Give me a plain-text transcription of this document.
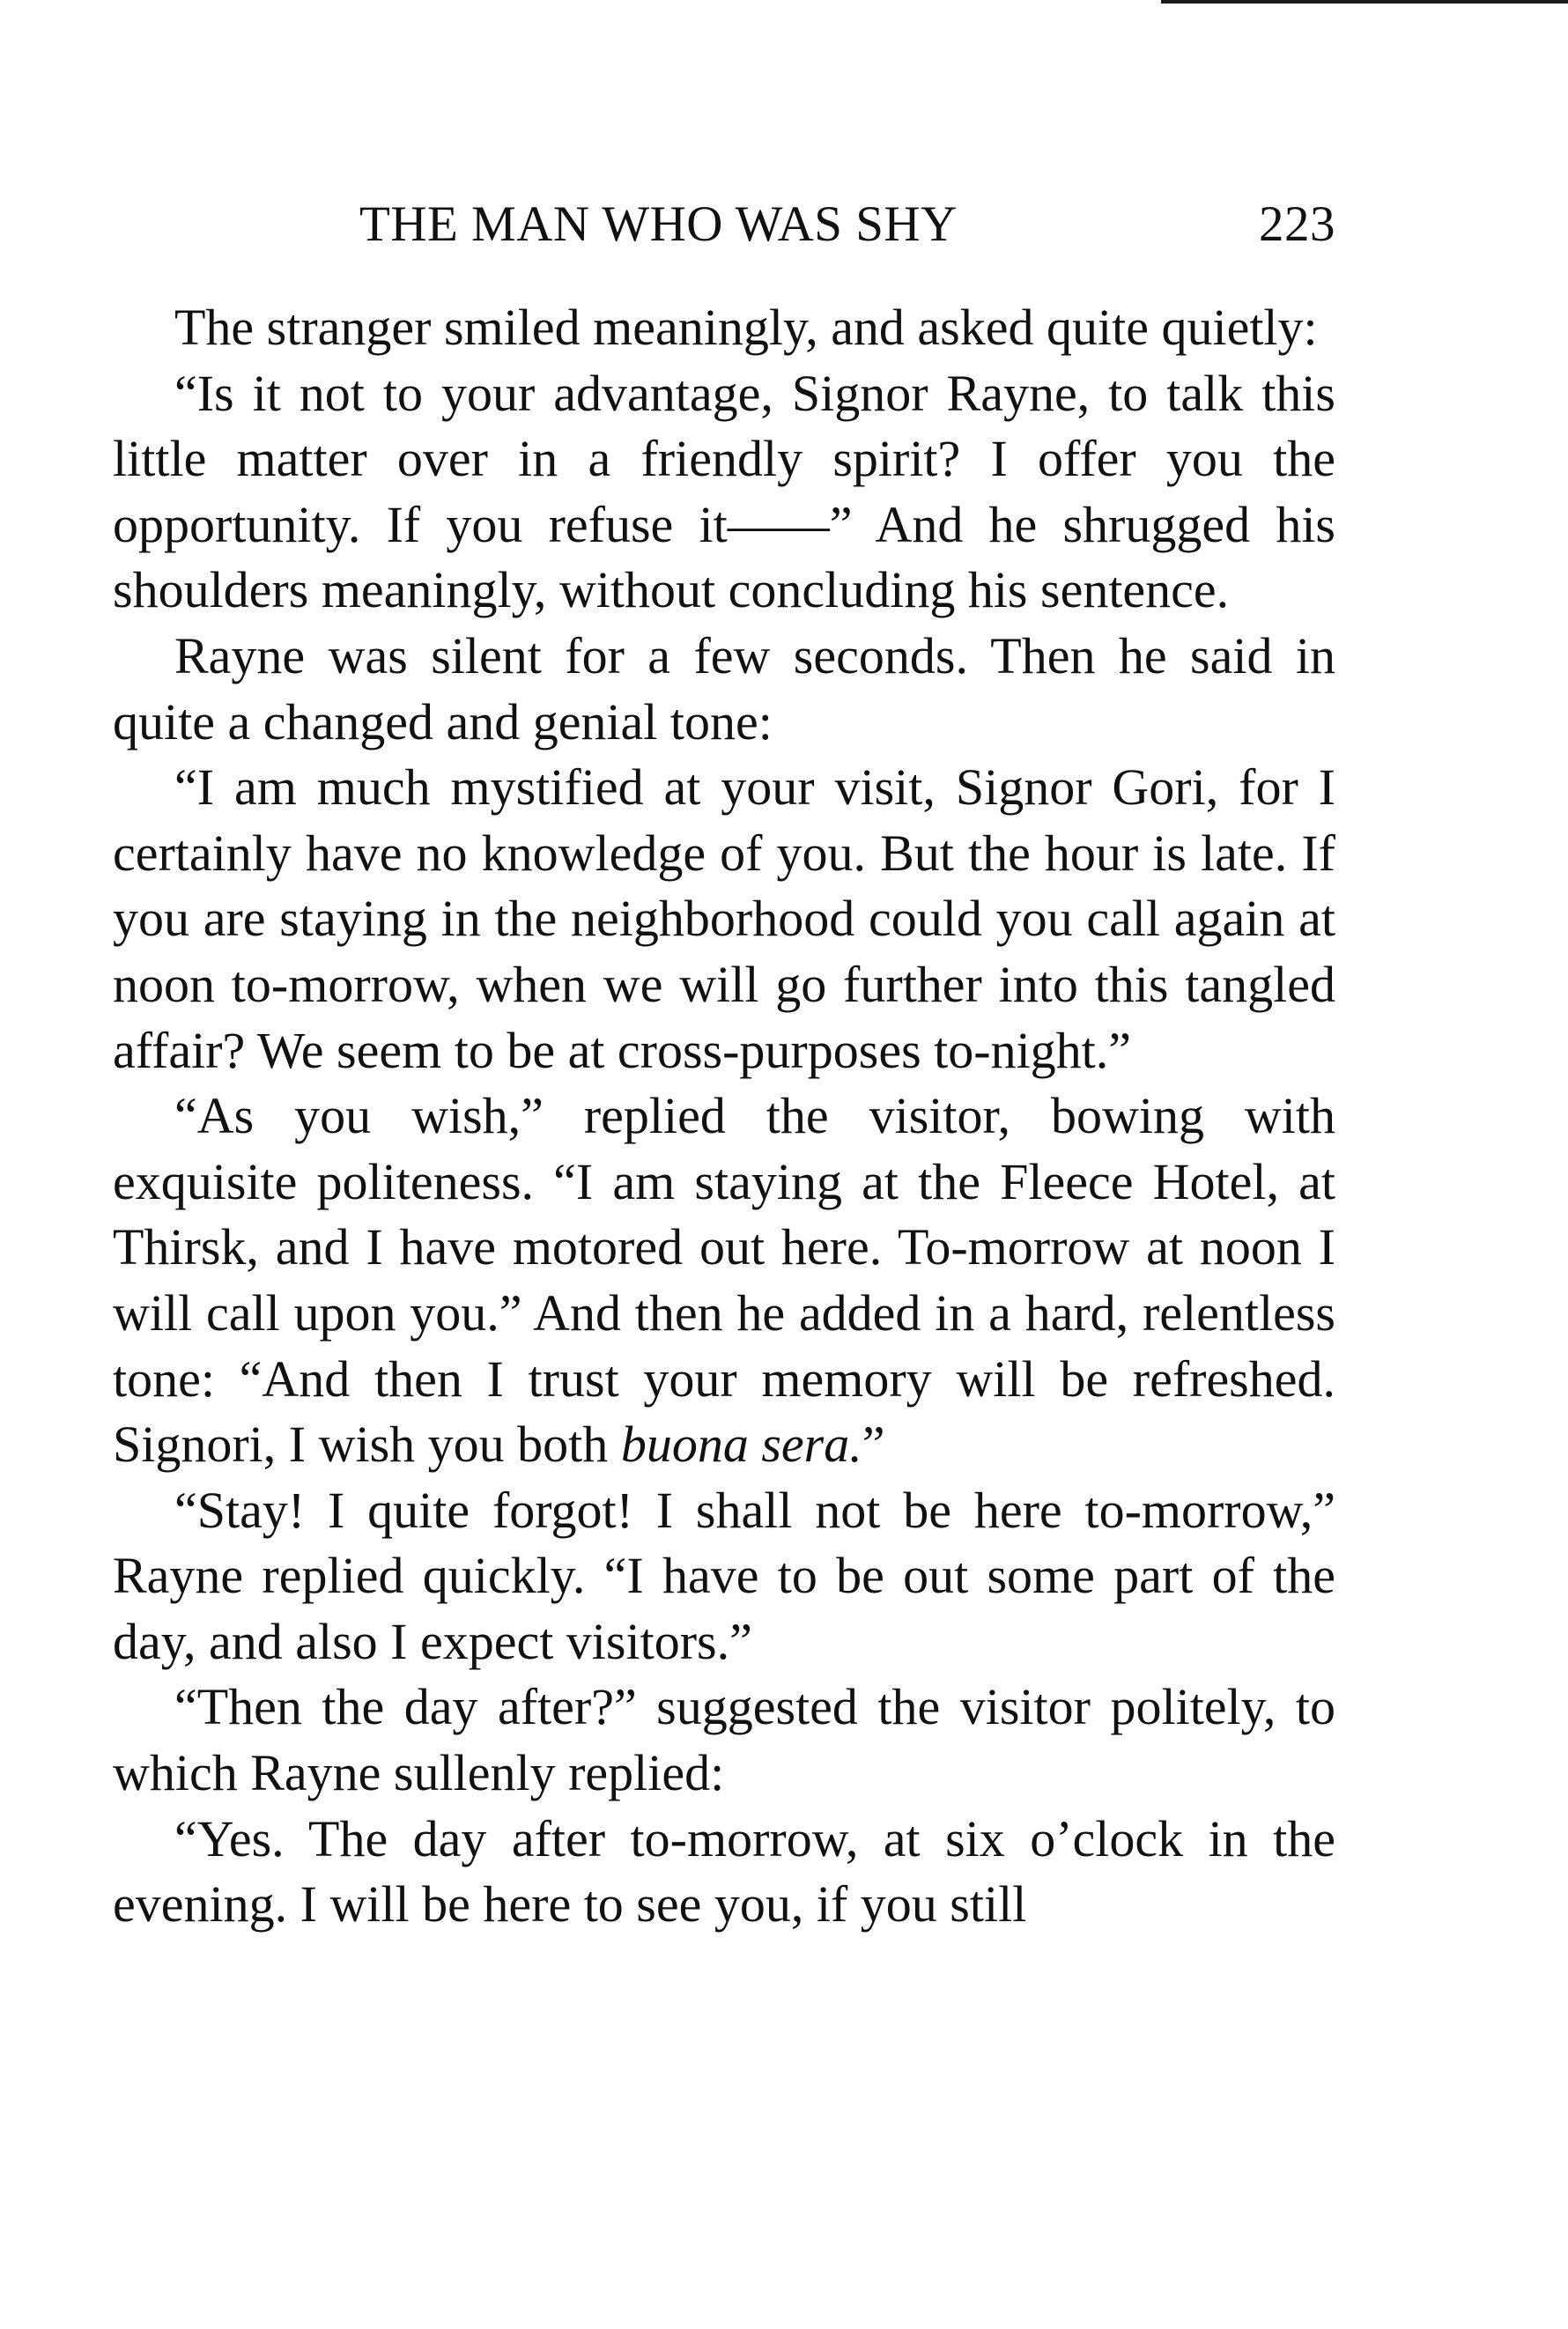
THE MAN WHO WAS SHY	223

The stranger smiled meaningly, and asked quite quietly:

“Is it not to your advantage, Signor Rayne, to talk this little matter over in a friendly spirit? I offer you the opportunity. If you refuse it——” And he shrugged his shoulders meaningly, without concluding his sentence.

Rayne was silent for a few seconds. Then he said in quite a changed and genial tone:

“I am much mystified at your visit, Signor Gori, for I certainly have no knowledge of you. But the hour is late. If you are staying in the neighborhood could you call again at noon to-morrow, when we will go further into this tangled affair? We seem to be at cross-purposes to-night.”

“As you wish,” replied the visitor, bowing with exquisite politeness. “I am staying at the Fleece Hotel, at Thirsk, and I have motored out here. To-morrow at noon I will call upon you.” And then he added in a hard, relentless tone: “And then I trust your memory will be refreshed. Signori, I wish you both buona sera.”

“Stay! I quite forgot! I shall not be here to-morrow,” Rayne replied quickly. “I have to be out some part of the day, and also I expect visitors.”

“Then the day after?” suggested the visitor politely, to which Rayne sullenly replied:

“Yes. The day after to-morrow, at six o’clock in the evening. I will be here to see you, if you still
